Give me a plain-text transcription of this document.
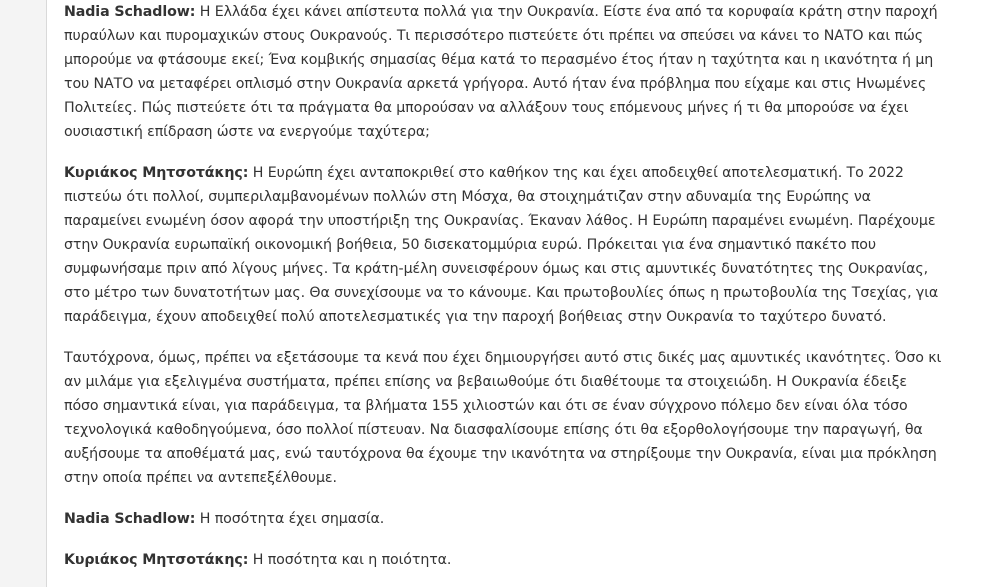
Nadia Schadlow: Η Ελλάδα έχει κάνει απίστευτα πολλά για την Ουκρανία. Είστε ένα από τα κορυφαία κράτη στην παροχή πυραύλων και πυρομαχικών στους Ουκρανούς. Τι περισσότερο πιστεύετε ότι πρέπει να σπεύσει να κάνει το ΝΑΤΟ και πώς μπορούμε να φτάσουμε εκεί; Ένα κομβικής σημασίας θέμα κατά το περασμένο έτος ήταν η ταχύτητα και η ικανότητα ή μη του ΝΑΤΟ να μεταφέρει οπλισμό στην Ουκρανία αρκετά γρήγορα. Αυτό ήταν ένα πρόβλημα που είχαμε και στις Ηνωμένες Πολιτείες. Πώς πιστεύετε ότι τα πράγματα θα μπορούσαν να αλλάξουν τους επόμενους μήνες ή τι θα μπορούσε να έχει ουσιαστική επίδραση ώστε να ενεργούμε ταχύτερα;

Κυριάκος Μητσοτάκης: Η Ευρώπη έχει ανταποκριθεί στο καθήκον της και έχει αποδειχθεί αποτελεσματική. Το 2022 πιστεύω ότι πολλοί, συμπεριλαμβανομένων πολλών στη Μόσχα, θα στοιχημάτιζαν στην αδυναμία της Ευρώπης να παραμείνει ενωμένη όσον αφορά την υποστήριξη της Ουκρανίας. Έκαναν λάθος. Η Ευρώπη παραμένει ενωμένη. Παρέχουμε στην Ουκρανία ευρωπαϊκή οικονομική βοήθεια, 50 δισεκατομμύρια ευρώ. Πρόκειται για ένα σημαντικό πακέτο που συμφωνήσαμε πριν από λίγους μήνες. Τα κράτη-μέλη συνεισφέρουν όμως και στις αμυντικές δυνατότητες της Ουκρανίας, στο μέτρο των δυνατοτήτων μας. Θα συνεχίσουμε να το κάνουμε. Και πρωτοβουλίες όπως η πρωτοβουλία της Τσεχίας, για παράδειγμα, έχουν αποδειχθεί πολύ αποτελεσματικές για την παροχή βοήθειας στην Ουκρανία το ταχύτερο δυνατό.

Ταυτόχρονα, όμως, πρέπει να εξετάσουμε τα κενά που έχει δημιουργήσει αυτό στις δικές μας αμυντικές ικανότητες. Όσο κι αν μιλάμε για εξελιγμένα συστήματα, πρέπει επίσης να βεβαιωθούμε ότι διαθέτουμε τα στοιχειώδη. Η Ουκρανία έδειξε πόσο σημαντικά είναι, για παράδειγμα, τα βλήματα 155 χιλιοστών και ότι σε έναν σύγχρονο πόλεμο δεν είναι όλα τόσο τεχνολογικά καθοδηγούμενα, όσο πολλοί πίστευαν. Να διασφαλίσουμε επίσης ότι θα εξορθολογήσουμε την παραγωγή, θα αυξήσουμε τα αποθέματά μας, ενώ ταυτόχρονα θα έχουμε την ικανότητα να στηρίξουμε την Ουκρανία, είναι μια πρόκληση στην οποία πρέπει να αντεπεξέλθουμε.

Nadia Schadlow: Η ποσότητα έχει σημασία.

Κυριάκος Μητσοτάκης: Η ποσότητα και η ποιότητα.
